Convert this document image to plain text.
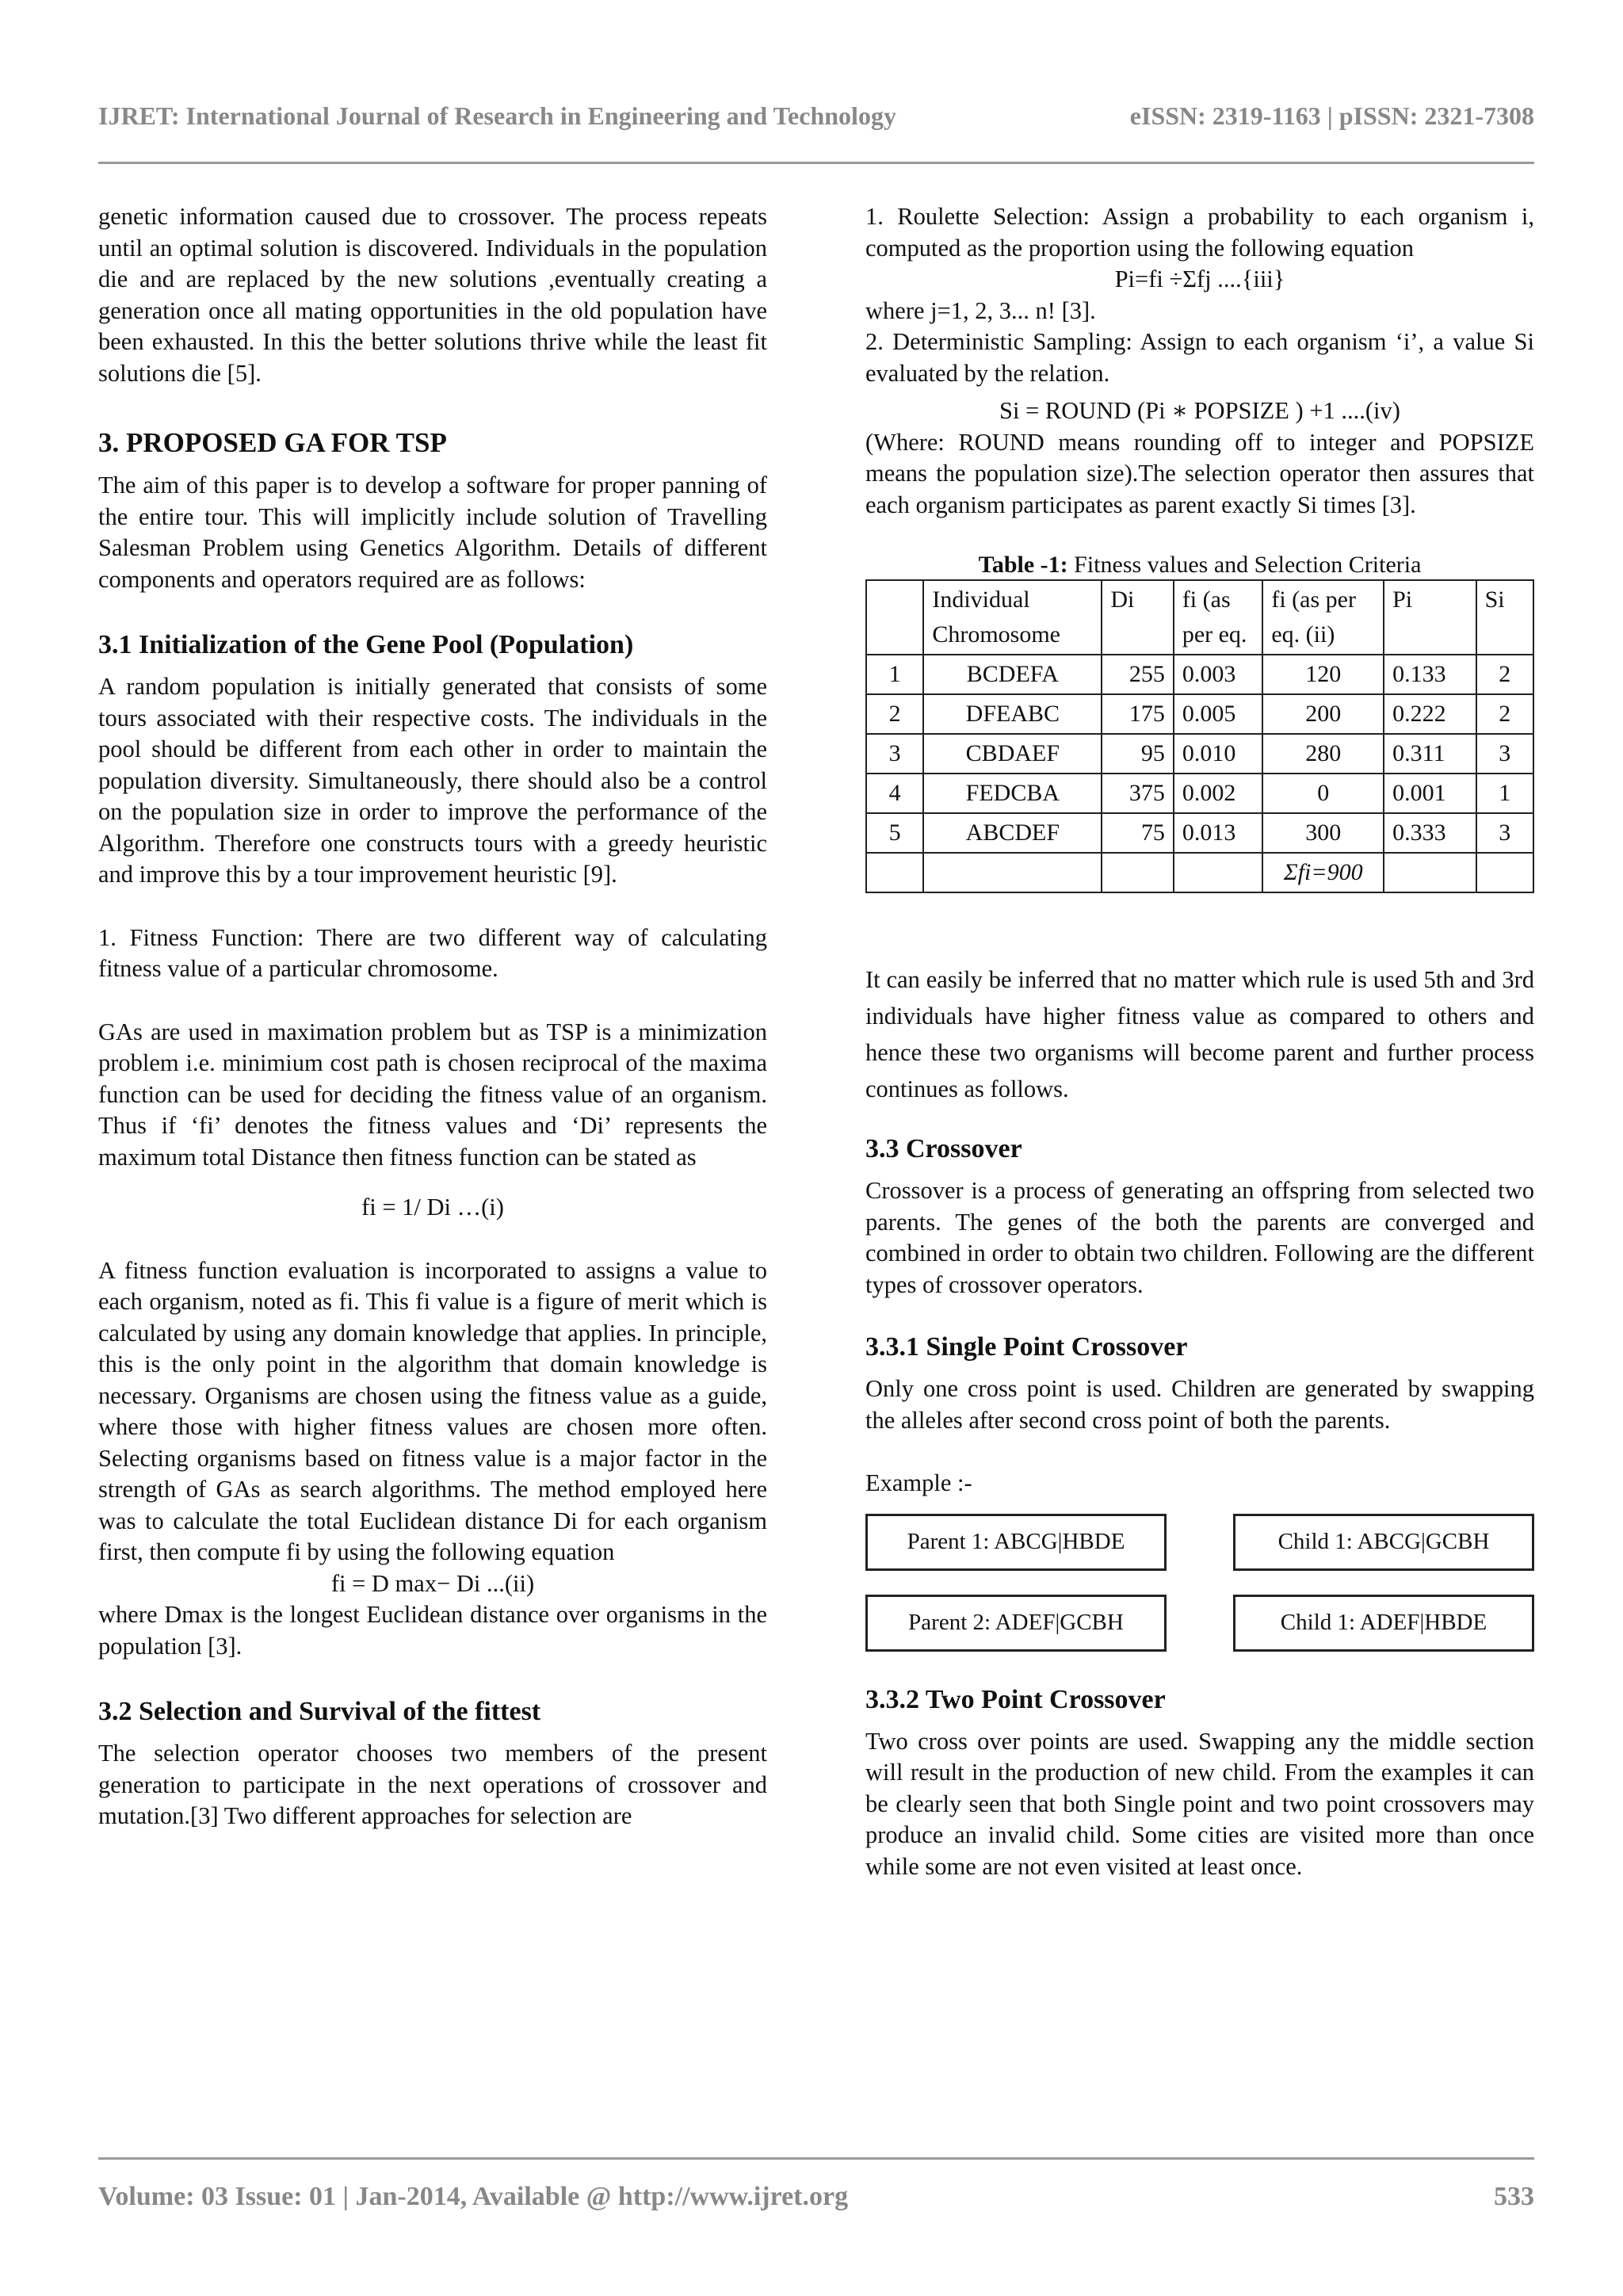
IJRET: International Journal of Research in Engineering and Technology	eISSN: 2319-1163 | pISSN: 2321-7308

genetic information caused due to crossover. The process repeats until an optimal solution is discovered. Individuals in the population die and are replaced by the new solutions ,eventually creating a generation once all mating opportunities in the old population have been exhausted. In this the better solutions thrive while the least fit solutions die [5].

3. PROPOSED GA FOR TSP

The aim of this paper is to develop a software for proper panning of the entire tour. This will implicitly include solution of Travelling Salesman Problem using Genetics Algorithm. Details of different components and operators required are as follows:

3.1 Initialization of the Gene Pool (Population)

A random population is initially generated that consists of some tours associated with their respective costs. The individuals in the pool should be different from each other in order to maintain the population diversity. Simultaneously, there should also be a control on the population size in order to improve the performance of the Algorithm. Therefore one constructs tours with a greedy heuristic and improve this by a tour improvement heuristic [9].

1. Fitness Function: There are two different way of calculating fitness value of a particular chromosome.

GAs are used in maximation problem but as TSP is a minimization problem i.e. minimium cost path is chosen reciprocal of the maxima function can be used for deciding the fitness value of an organism. Thus if ‘fi’ denotes the fitness values and ‘Di’ represents the maximum total Distance then fitness function can be stated as

fi = 1/ Di …(i)

A fitness function evaluation is incorporated to assigns a value to each organism, noted as fi. This fi value is a figure of merit which is calculated by using any domain knowledge that applies. In principle, this is the only point in the algorithm that domain knowledge is necessary. Organisms are chosen using the fitness value as a guide, where those with higher fitness values are chosen more often. Selecting organisms based on fitness value is a major factor in the strength of GAs as search algorithms. The method employed here was to calculate the total Euclidean distance Di for each organism first, then compute fi by using the following equation

fi = D max− Di ...(ii)

where Dmax is the longest Euclidean distance over organisms in the population [3].

3.2 Selection and Survival of the fittest

The selection operator chooses two members of the present generation to participate in the next operations of crossover and mutation.[3] Two different approaches for selection are

1. Roulette Selection: Assign a probability to each organism i, computed as the proportion using the following equation

Pi=fi ÷Σfj ....{iii}

where j=1, 2, 3... n! [3].

2. Deterministic Sampling: Assign to each organism ‘i’, a value Si evaluated by the relation.

Si = ROUND (Pi ∗ POPSIZE ) +1 ....(iv)

(Where: ROUND means rounding off to integer and POPSIZE means the population size).The selection operator then assures that each organism participates as parent exactly Si times [3].

Table -1: Fitness values and Selection Criteria

	Individual Chromosome	Di	fi (as per eq.	fi (as per eq. (ii)	Pi	Si
1	BCDEFA	255	0.003	120	0.133	2
2	DFEABC	175	0.005	200	0.222	2
3	CBDAEF	95	0.010	280	0.311	3
4	FEDCBA	375	0.002	0	0.001	1
5	ABCDEF	75	0.013	300	0.333	3
				Σfi=900		

It can easily be inferred that no matter which rule is used 5th and 3rd individuals have higher fitness value as compared to others and hence these two organisms will become parent and further process continues as follows.

3.3 Crossover

Crossover is a process of generating an offspring from selected two parents. The genes of the both the parents are converged and combined in order to obtain two children. Following are the different types of crossover operators.

3.3.1 Single Point Crossover

Only one cross point is used. Children are generated by swapping the alleles after second cross point of both the parents.

Example :-

Parent 1: ABCG|HBDE	Child 1: ABCG|GCBH
Parent 2: ADEF|GCBH	Child 1: ADEF|HBDE
3.3.2 Two Point Crossover

Two cross over points are used. Swapping any the middle section will result in the production of new child. From the examples it can be clearly seen that both Single point and two point crossovers may produce an invalid child. Some cities are visited more than once while some are not even visited at least once.

Volume: 03 Issue: 01 | Jan-2014, Available @ http://www.ijret.org	533
